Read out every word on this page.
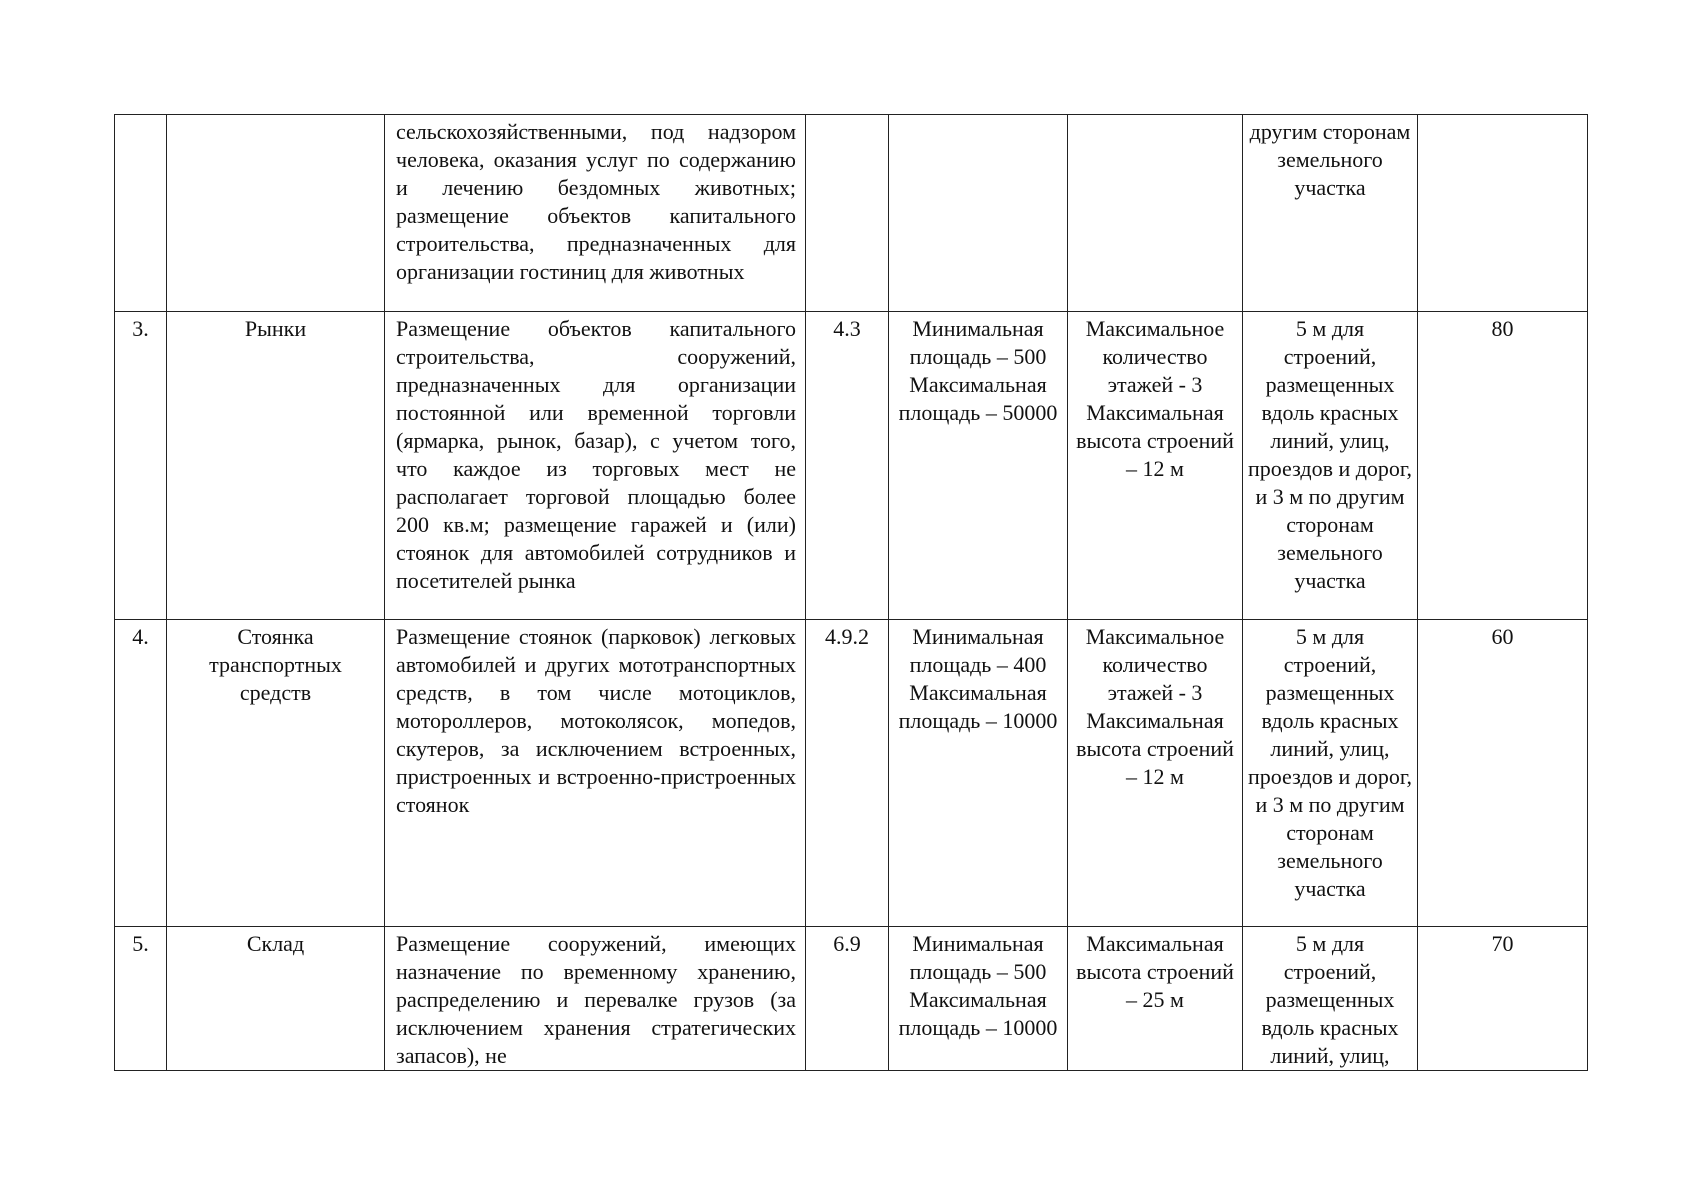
		сельскохозяйственными, под надзором человека, оказания услуг по содержанию и лечению бездомных животных; размещение объектов капитального строительства, предназначенных для организации гостиниц для животных				другим сторонам земельного участка	
3.	Рынки	Размещение объектов капитального строительства, сооружений, предназначенных для организации постоянной или временной торговли (ярмарка, рынок, базар), с учетом того, что каждое из торговых мест не располагает торговой площадью более 200 кв.м; размещение гаражей и (или) стоянок для автомобилей сотрудников и посетителей рынка	4.3	Минимальная площадь – 500 Максимальная площадь – 50000	Максимальное количество этажей - 3 Максимальная высота строений – 12 м	5 м для строений, размещенных вдоль красных линий, улиц, проездов и дорог, и 3 м по другим сторонам земельного участка	80
4.	Стоянка транспортных средств	Размещение стоянок (парковок) легковых автомобилей и других мототранспортных средств, в том числе мотоциклов, мотороллеров, мотоколясок, мопедов, скутеров, за исключением встроенных, пристроенных и встроенно-пристроенных стоянок	4.9.2	Минимальная площадь – 400 Максимальная площадь – 10000	Максимальное количество этажей - 3 Максимальная высота строений – 12 м	5 м для строений, размещенных вдоль красных линий, улиц, проездов и дорог, и 3 м по другим сторонам земельного участка	60
5.	Склад	Размещение сооружений, имеющих назначение по временному хранению, распределению и перевалке грузов (за исключением хранения стратегических запасов), не	6.9	Минимальная площадь – 500 Максимальная площадь – 10000	Максимальная высота строений – 25 м	5 м для строений, размещенных вдоль красных линий, улиц,	70
